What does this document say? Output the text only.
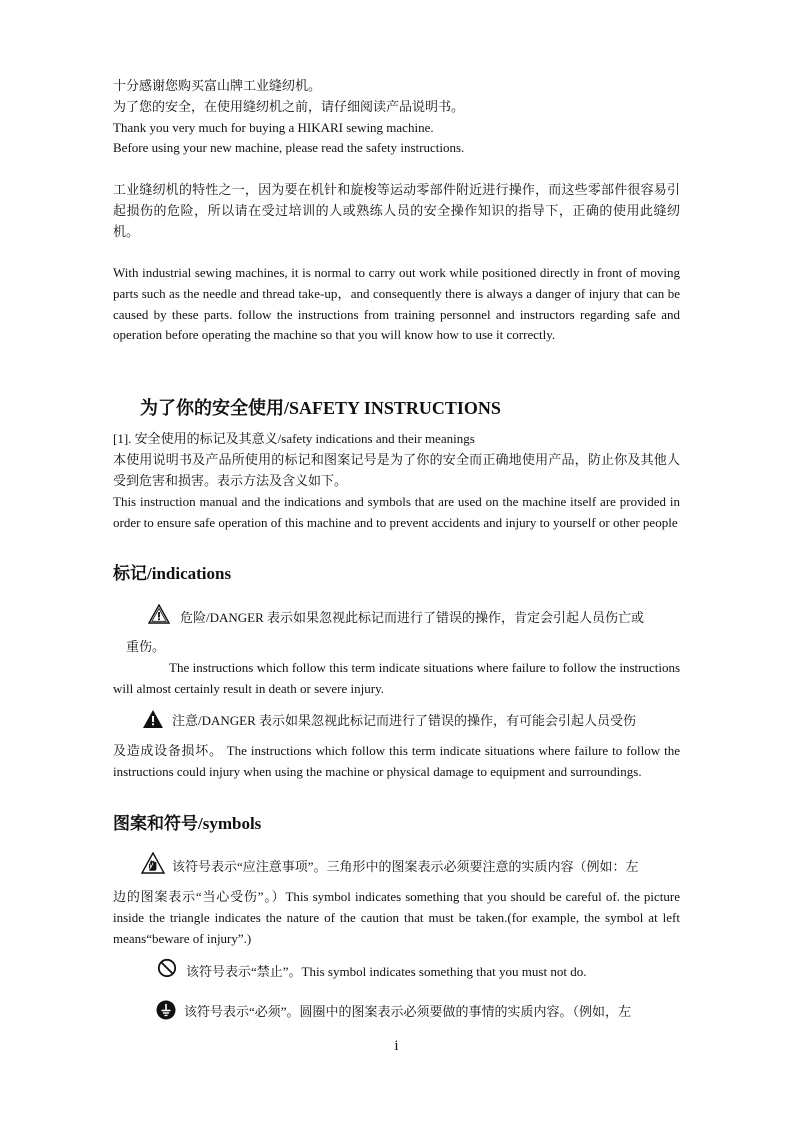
十分感谢您购买富山牌工业缝纫机。
为了您的安全，在使用缝纫机之前，请仔细阅读产品说明书。
Thank you very much for buying a HIKARI sewing machine.
Before using your new machine, please read the safety instructions.

工业缝纫机的特性之一，因为要在机针和旋梭等运动零部件附近进行操作，而这些零部件很容易引起损伤的危险，所以请在受过培训的人或熟练人员的安全操作知识的指导下，正确的使用此缝纫机。

With industrial sewing machines, it is normal to carry out work while positioned directly in front of moving parts such as the needle and thread take-up，and consequently there is always a danger of injury that can be caused by these parts. follow the instructions from training personnel and instructors regarding safe and operation before operating the machine so that you will know how to use it correctly.

为了你的安全使用/SAFETY INSTRUCTIONS

[1]. 安全使用的标记及其意义/safety indications and their meanings

本使用说明书及产品所使用的标记和图案记号是为了你的安全而正确地使用产品，防止你及其他人受到危害和损害。表示方法及含义如下。

This instruction manual and the indications and symbols that are used on the machine itself are provided in order to ensure safe operation of this machine and to prevent accidents and injury to yourself or other people

标记/indications
危险/DANGER 表示如果忽视此标记而进行了错误的操作，肯定会引起人员伤亡或
重伤。

The instructions which follow this term indicate situations where failure to follow the instructions will almost certainly result in death or severe injury.

注意/DANGER 表示如果忽视此标记而进行了错误的操作，有可能会引起人员受伤

及造成设备损坏。 The instructions which follow this term indicate situations where failure to follow the instructions could injury when using the machine or physical damage to equipment and surroundings.

图案和符号/symbols
该符号表示“应注意事项”。三角形中的图案表示必须要注意的实质内容（例如：左

边的图案表示“当心受伤”。）This symbol indicates something that you should be careful of. the picture inside the triangle indicates the nature of the caution that must be taken.(for example, the symbol at left means“beware of injury”.)

该符号表示“禁止”。This symbol indicates something that you must not do.
该符号表示“必须”。圆圈中的图案表示必须要做的事情的实质内容。（例如，左
i
